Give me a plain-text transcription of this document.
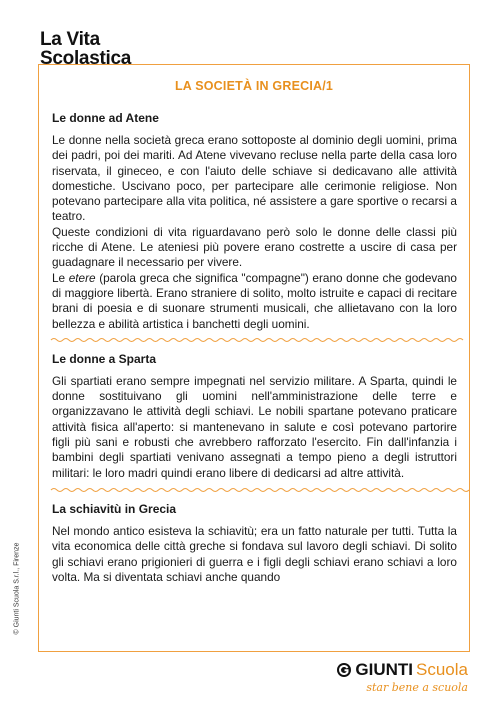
La Vita
Scolastica
© Giunti Scuola S.r.l., Firenze
LA SOCIETÀ IN GRECIA/1
Le donne ad Atene

Le donne nella società greca erano sottoposte al dominio degli uomini, prima dei padri, poi dei mariti. Ad Atene vivevano recluse nella parte della casa loro riservata, il gineceo, e con l'aiuto delle schiave si dedicavano alle attività domestiche. Uscivano poco, per partecipare alle cerimonie religiose. Non potevano partecipare alla vita politica, né assistere a gare sportive o recarsi a teatro.

Queste condizioni di vita riguardavano però solo le donne delle classi più ricche di Atene. Le ateniesi più povere erano costrette a uscire di casa per guadagnare il necessario per vivere.

Le etere (parola greca che significa "compagne") erano donne che godevano di maggiore libertà. Erano straniere di solito, molto istruite e capaci di recitare brani di poesia e di suonare strumenti musicali, che allietavano con la loro bellezza e abilità artistica i banchetti degli uomini.

Le donne a Sparta

Gli spartiati erano sempre impegnati nel servizio militare. A Sparta, quindi le donne sostituivano gli uomini nell'amministrazione delle terre e organizzavano le attività degli schiavi. Le nobili spartane potevano praticare attività fisica all'aperto: si mantenevano in salute e così potevano partorire figli più sani e robusti che avrebbero rafforzato l'esercito. Fin dall'infanzia i bambini degli spartiati venivano assegnati a tempo pieno a degli istruttori militari: le loro madri quindi erano libere di dedicarsi ad altre attività.

La schiavitù in Grecia

Nel mondo antico esisteva la schiavitù; era un fatto naturale per tutti. Tutta la vita economica delle città greche si fondava sul lavoro degli schiavi. Di solito gli schiavi erano prigionieri di guerra e i figli degli schiavi erano schiavi a loro volta. Ma si diventata schiavi anche quando

GIUNTI Scuola
star bene a scuola
